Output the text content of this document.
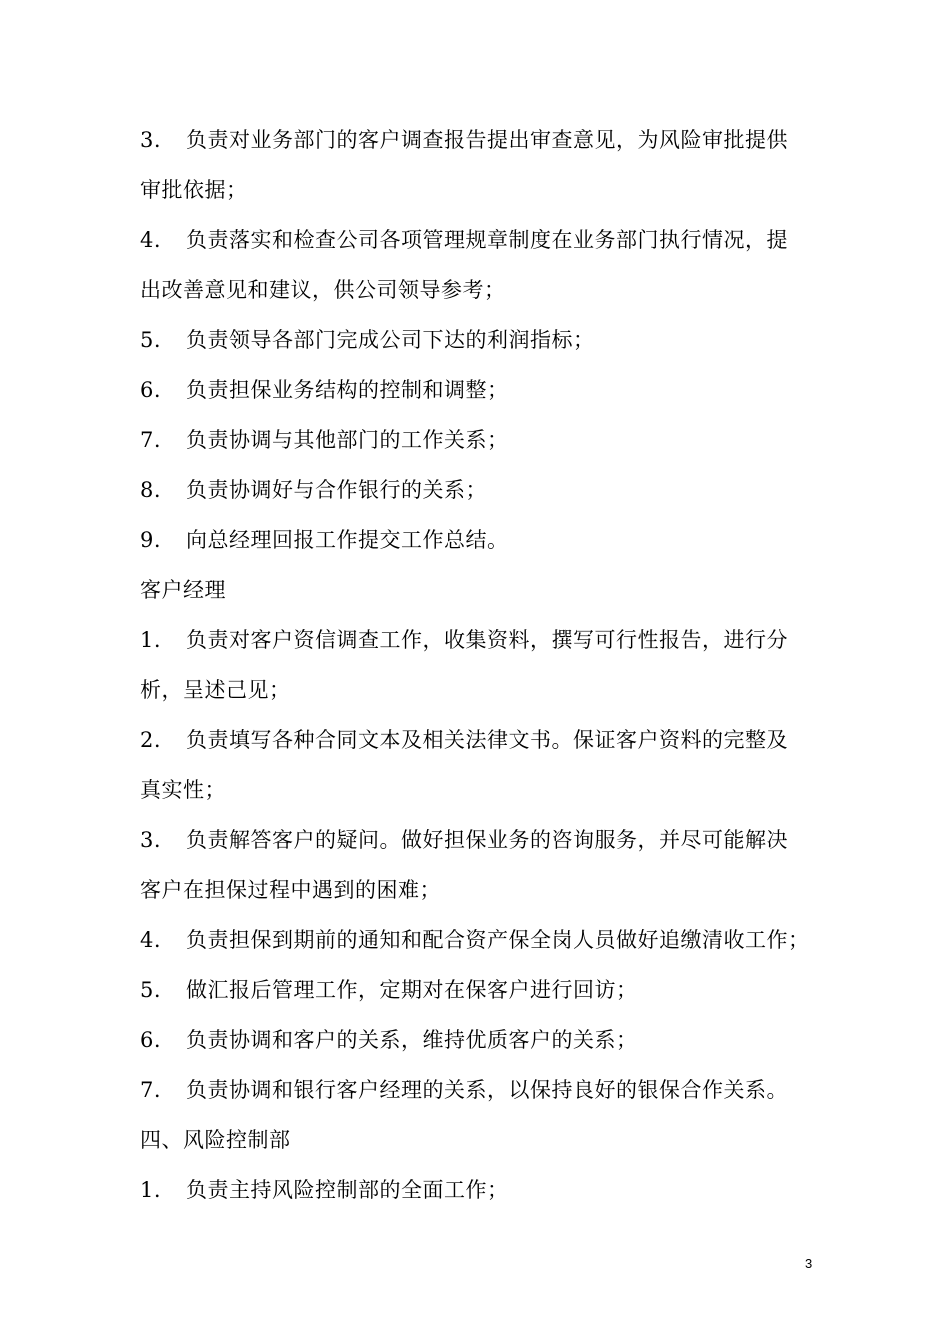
3. 负责对业务部门的客户调查报告提出审查意见，为风险审批提供
审批依据；
4. 负责落实和检查公司各项管理规章制度在业务部门执行情况，提
出改善意见和建议，供公司领导参考；
5. 负责领导各部门完成公司下达的利润指标；
6. 负责担保业务结构的控制和调整；
7. 负责协调与其他部门的工作关系；
8. 负责协调好与合作银行的关系；
9. 向总经理回报工作提交工作总结。
客户经理
1. 负责对客户资信调查工作，收集资料，撰写可行性报告，进行分
析，呈述己见；
2. 负责填写各种合同文本及相关法律文书。保证客户资料的完整及
真实性；
3. 负责解答客户的疑问。做好担保业务的咨询服务，并尽可能解决
客户在担保过程中遇到的困难；
4. 负责担保到期前的通知和配合资产保全岗人员做好追缴清收工作；
5. 做汇报后管理工作，定期对在保客户进行回访；
6. 负责协调和客户的关系，维持优质客户的关系；
7. 负责协调和银行客户经理的关系，以保持良好的银保合作关系。
四、风险控制部
1. 负责主持风险控制部的全面工作；
3
